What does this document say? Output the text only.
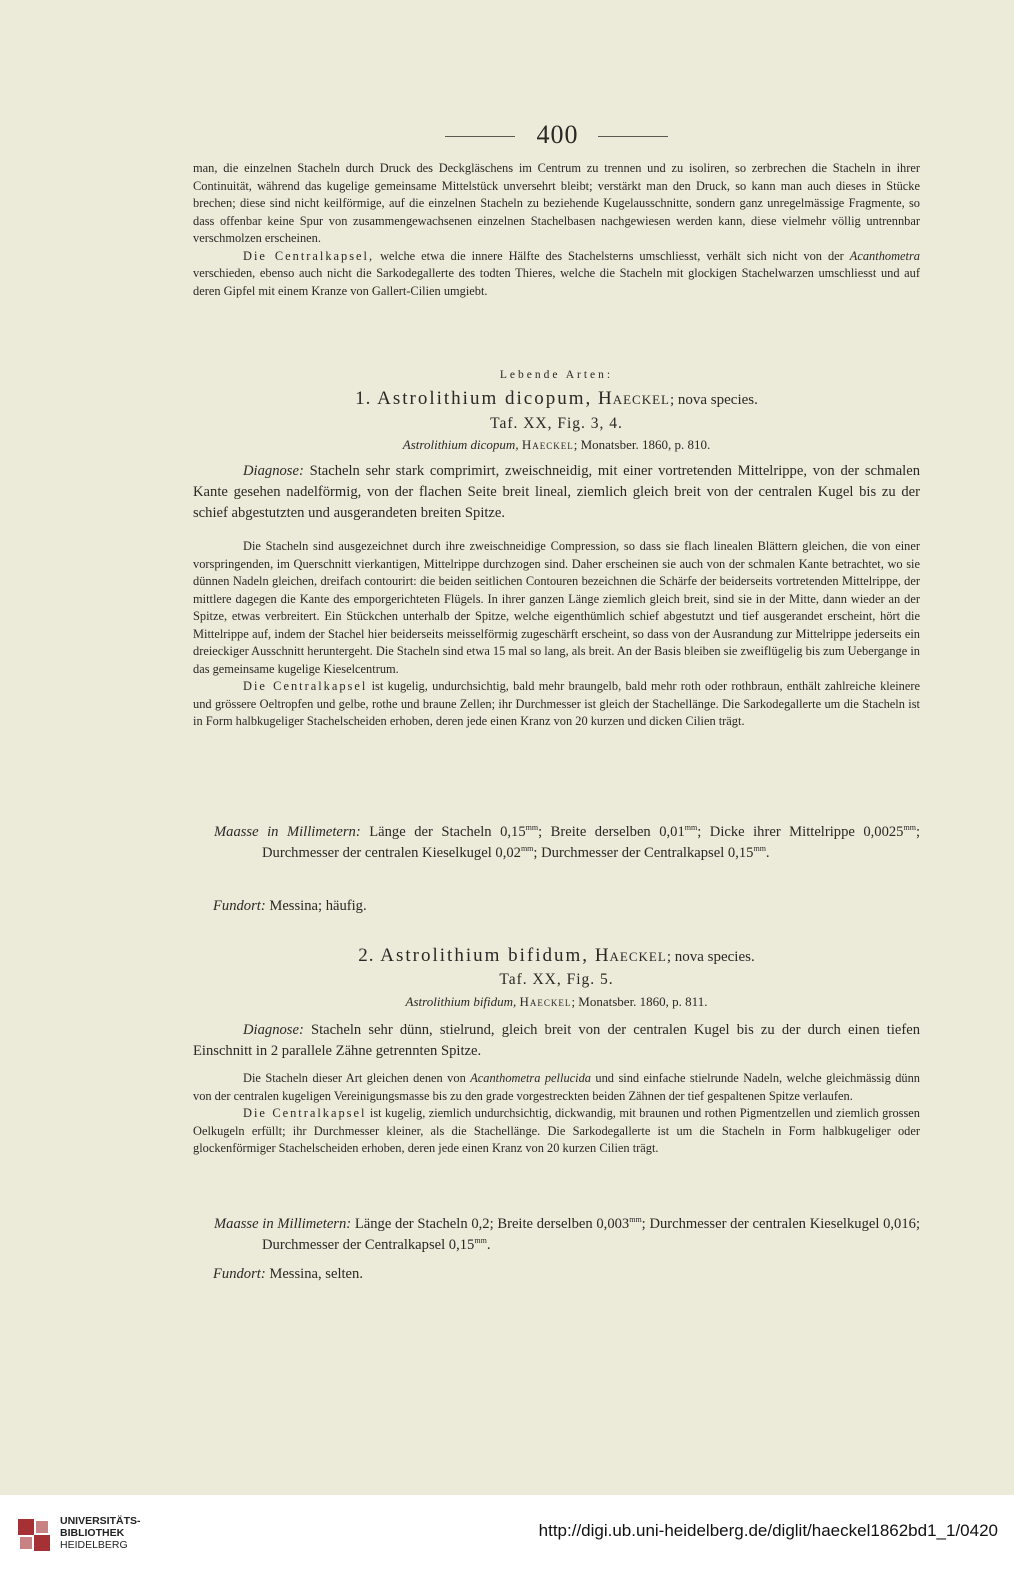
400

man, die einzelnen Stacheln durch Druck des Deckgläschens im Centrum zu trennen und zu isoliren, so zerbrechen die Stacheln in ihrer Continuität, während das kugelige gemeinsame Mittelstück unversehrt bleibt; verstärkt man den Druck, so kann man auch dieses in Stücke brechen; diese sind nicht keilförmige, auf die einzelnen Stacheln zu beziehende Kugelausschnitte, sondern ganz unregelmässige Fragmente, so dass offenbar keine Spur von zusammengewachsenen einzelnen Stachelbasen nachgewiesen werden kann, diese vielmehr völlig untrennbar verschmolzen erscheinen.

Die Centralkapsel, welche etwa die innere Hälfte des Stachelsterns umschliesst, verhält sich nicht von der Acanthometra verschieden, ebenso auch nicht die Sarkodegallerte des todten Thieres, welche die Stacheln mit glockigen Stachelwarzen umschliesst und auf deren Gipfel mit einem Kranze von Gallert-Cilien umgiebt.

Lebende Arten:
1. Astrolithium dicopum, Haeckel; nova species.
Taf. XX, Fig. 3, 4.
Astrolithium dicopum, Haeckel; Monatsber. 1860, p. 810.

Diagnose: Stacheln sehr stark comprimirt, zweischneidig, mit einer vortretenden Mittelrippe, von der schmalen Kante gesehen nadelförmig, von der flachen Seite breit lineal, ziemlich gleich breit von der centralen Kugel bis zu der schief abgestutzten und ausgerandeten breiten Spitze.

Die Stacheln sind ausgezeichnet durch ihre zweischneidige Compression, so dass sie flach linealen Blättern gleichen, die von einer vorspringenden, im Querschnitt vierkantigen, Mittelrippe durchzogen sind. Daher erscheinen sie auch von der schmalen Kante betrachtet, wo sie dünnen Nadeln gleichen, dreifach contourirt: die beiden seitlichen Contouren bezeichnen die Schärfe der beiderseits vortretenden Mittelrippe, der mittlere dagegen die Kante des emporgerichteten Flügels. In ihrer ganzen Länge ziemlich gleich breit, sind sie in der Mitte, dann wieder an der Spitze, etwas verbreitert. Ein Stückchen unterhalb der Spitze, welche eigenthümlich schief abgestutzt und tief ausgerandet erscheint, hört die Mittelrippe auf, indem der Stachel hier beiderseits meisselförmig zugeschärft erscheint, so dass von der Ausrandung zur Mittelrippe jederseits ein dreieckiger Ausschnitt heruntergeht. Die Stacheln sind etwa 15 mal so lang, als breit. An der Basis bleiben sie zweiflügelig bis zum Uebergange in das gemeinsame kugelige Kieselcentrum.

Die Centralkapsel ist kugelig, undurchsichtig, bald mehr braungelb, bald mehr roth oder rothbraun, enthält zahlreiche kleinere und grössere Oeltropfen und gelbe, rothe und braune Zellen; ihr Durchmesser ist gleich der Stachellänge. Die Sarkodegallerte um die Stacheln ist in Form halbkugeliger Stachelscheiden erhoben, deren jede einen Kranz von 20 kurzen und dicken Cilien trägt.

Maasse in Millimetern: Länge der Stacheln $0,15^{mm}$; Breite derselben $0,01^{mm}$; Dicke ihrer Mittelrippe $0,0025^{mm}$; Durchmesser der centralen Kieselkugel $0,02^{mm}$; Durchmesser der Centralkapsel $0,15^{mm}$.

Fundort: Messina; häufig.

2. Astrolithium bifidum, Haeckel; nova species.
Taf. XX, Fig. 5.
Astrolithium bifidum, Haeckel; Monatsber. 1860, p. 811.

Diagnose: Stacheln sehr dünn, stielrund, gleich breit von der centralen Kugel bis zu der durch einen tiefen Einschnitt in 2 parallele Zähne getrennten Spitze.

Die Stacheln dieser Art gleichen denen von Acanthometra pellucida und sind einfache stielrunde Nadeln, welche gleichmässig dünn von der centralen kugeligen Vereinigungsmasse bis zu den grade vorgestreckten beiden Zähnen der tief gespaltenen Spitze verlaufen.

Die Centralkapsel ist kugelig, ziemlich undurchsichtig, dickwandig, mit braunen und rothen Pigmentzellen und ziemlich grossen Oelkugeln erfüllt; ihr Durchmesser kleiner, als die Stachellänge. Die Sarkodegallerte ist um die Stacheln in Form halbkugeliger oder glockenförmiger Stachelscheiden erhoben, deren jede einen Kranz von 20 kurzen Cilien trägt.

Maasse in Millimetern: Länge der Stacheln 0,2; Breite derselben $0,003^{mm}$; Durchmesser der centralen Kieselkugel 0,016; Durchmesser der Centralkapsel $0,15^{mm}$.

Fundort: Messina, selten.

UNIVERSITÄTS-
BIBLIOTHEK
HEIDELBERG
http://digi.ub.uni-heidelberg.de/diglit/haeckel1862bd1_1/0420
